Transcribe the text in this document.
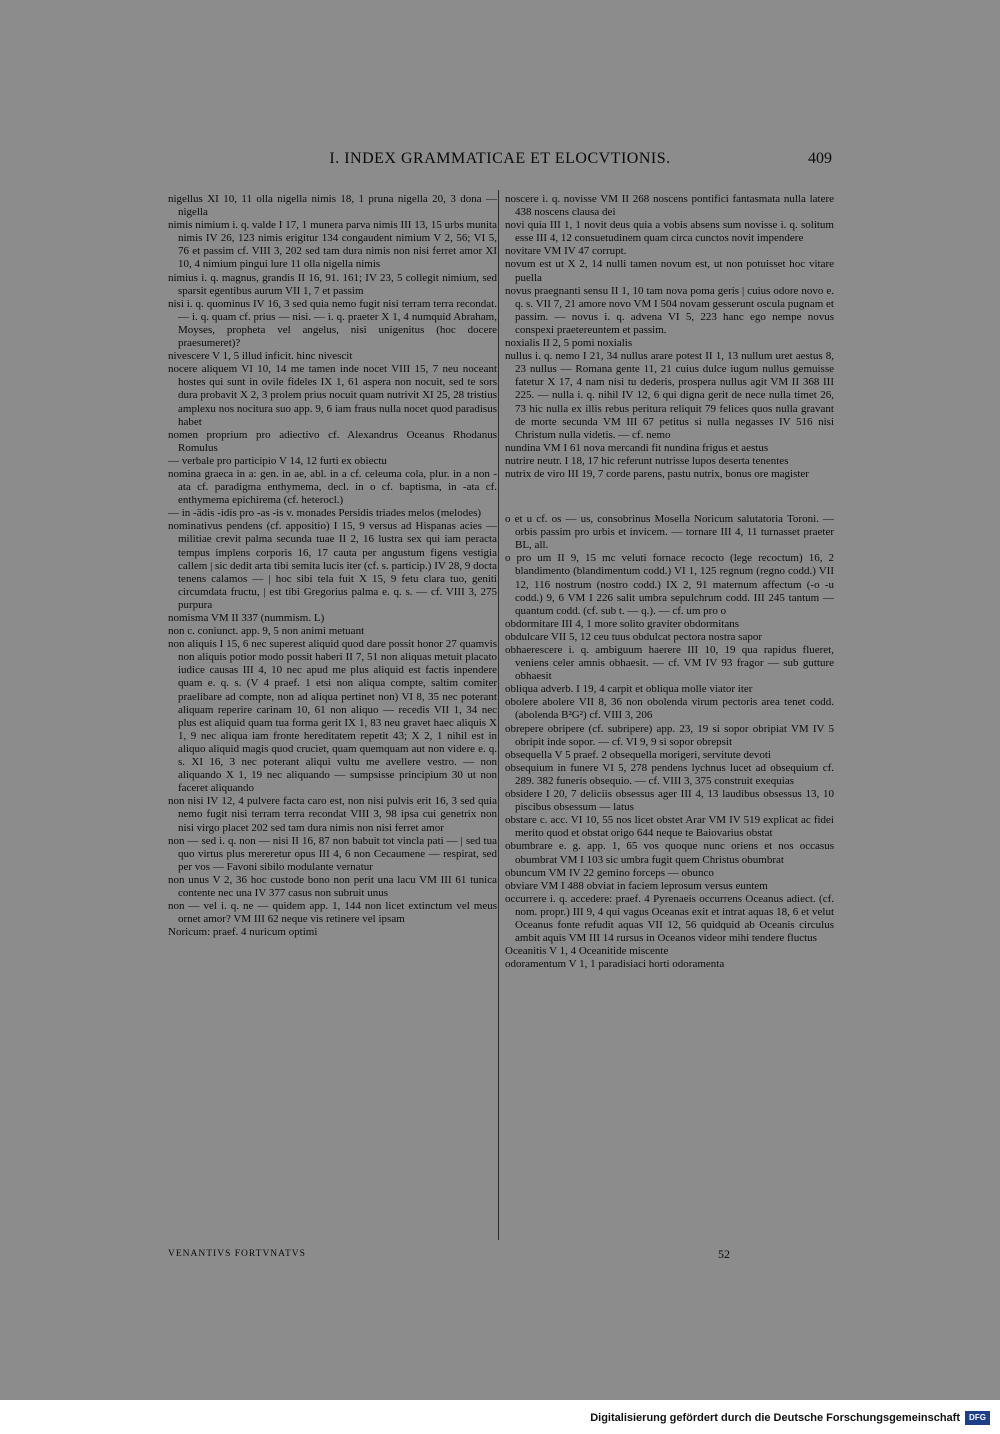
I. INDEX GRAMMATICAE ET ELOCVTIONIS.	409
nigellus XI 10, 11 olla nigella nimis 18, 1 pruna nigella 20, 3 dona — nigella
nimis nimium i. q. valde I 17, 1 munera parva nimis III 13, 15 urbs munita nimis IV 26, 123 nimis erigitur 134 congaudent nimium V 2, 56; VI 5, 76 et passim cf. VIII 3, 202 sed tam dura nimis non nisi ferret amor XI 10, 4 nimium pingui lure 11 olla nigella nimis
nimius i. q. magnus, grandis II 16, 91. 161; IV 23, 5 collegit nimium, sed sparsit egentibus aurum VII 1, 7 et passim
nisi i. q. quominus IV 16, 3 sed quia nemo fugit nisi terram terra recondat. — i. q. quam cf. prius — nisi. — i. q. praeter X 1, 4 numquid Abraham, Moyses, propheta vel angelus, nisi unigenitus (hoc docere praesumeret)?
nivescere V 1, 5 illud inficit. hinc nivescit
nocere aliquem VI 10, 14 me tamen inde nocet VIII 15, 7 neu noceant hostes qui sunt in ovile fideles IX 1, 61 aspera non nocuit, sed te sors dura probavit X 2, 3 prolem prius nocuit quam nutrivit XI 25, 28 tristius amplexu nos nocitura suo app. 9, 6 iam fraus nulla nocet quod paradisus habet
nomen proprium pro adiectivo cf. Alexandrus Oceanus Rhodanus Romulus
— verbale pro participio V 14, 12 furti ex obiectu
nomina graeca in a: gen. in ae, abl. in a cf. celeuma cola, plur. in a non -ata cf. paradigma enthymema, decl. in o cf. baptisma, in -ata cf. enthymema epichirema (cf. heterocl.)
— in -ädis -idis pro -as -is v. monades Persidis triades melos (melodes)
nominativus pendens (cf. appositio) I 15, 9 versus ad Hispanas acies — militiae crevit palma secunda tuae II 2, 16 lustra sex qui iam peracta tempus implens corporis 16, 17 cauta per angustum figens vestigia callem | sic dedit arta tibi semita lucis iter (cf. s. particip.) IV 28, 9 docta tenens calamos — | hoc sibi tela fuit X 15, 9 fetu clara tuo, geniti circumdata fructu, | est tibi Gregorius palma e. q. s. — cf. VIII 3, 275 purpura
nomisma VM II 337 (nummism. L)
non c. coniunct. app. 9, 5 non animi metuant
non aliquis I 15, 6 nec superest aliquid quod dare possit honor 27 quamvis non aliquis potior modo possit haberi II 7, 51 non aliquas metuit placato iudice causas III 4, 10 nec apud me plus aliquid est factis inpendere quam e. q. s. (V 4 praef. 1 etsi non aliqua compte, saltim comiter praelibare ad compte, non ad aliqua pertinet non) VI 8, 35 nec poterant aliquam reperire carinam 10, 61 non aliquo — recedis VII 1, 34 nec plus est aliquid quam tua forma gerit IX 1, 83 neu gravet haec aliquis X 1, 9 nec aliqua iam fronte hereditatem repetit 43; X 2, 1 nihil est in aliquo aliquid magis quod cruciet, quam quemquam aut non videre e. q. s. XI 16, 3 nec poterant aliqui vultu me avellere vestro. — non aliquando X 1, 19 nec aliquando — sumpsisse principium 30 ut non faceret aliquando
non nisi IV 12, 4 pulvere facta caro est, non nisi pulvis erit 16, 3 sed quia nemo fugit nisi terram terra recondat VIII 3, 98 ipsa cui genetrix non nisi virgo placet 202 sed tam dura nimis non nisi ferret amor
non — sed i. q. non — nisi II 16, 87 non babuit tot vincla pati — | sed tua quo virtus plus mereretur opus III 4, 6 non Cecaumene — respirat, sed per vos — Favoni sibilo modulante vernatur
non unus V 2, 36 hoc custode bono non perit una lacu VM III 61 tunica contente nec una IV 377 casus non subruit unus
non — vel i. q. ne — quidem app. 1, 144 non licet extinctum vel meus ornet amor? VM III 62 neque vis retinere vel ipsam
Noricum: praef. 4 nuricum optimi
noscere i. q. novisse VM II 268 noscens pontifici fantasmata nulla latere 438 noscens clausa dei
novi quia III 1, 1 novit deus quia a vobis absens sum novisse i. q. solitum esse III 4, 12 consuetudinem quam circa cunctos novit impendere
novitare VM IV 47 corrupt.
novum est ut X 2, 14 nulli tamen novum est, ut non potuisset hoc vitare puella
novus praegnanti sensu II 1, 10 tam nova poma geris | cuius odore novo e. q. s. VII 7, 21 amore novo VM I 504 novam gesserunt oscula pugnam et passim. — novus i. q. advena VI 5, 223 hanc ego nempe novus conspexi praetereuntem et passim.
noxialis II 2, 5 pomi noxialis
nullus i. q. nemo I 21, 34 nullus arare potest II 1, 13 nullum uret aestus 8, 23 nullus — Romana gente 11, 21 cuius dulce iugum nullus gemuisse fatetur X 17, 4 nam nisi tu dederis, prospera nullus agit VM II 368 III 225. — nulla i. q. nihil IV 12, 6 qui digna gerit de nece nulla timet 26, 73 hic nulla ex illis rebus peritura reliquit 79 felices quos nulla gravant de morte secunda VM III 67 petitus si nulla negasses IV 516 nisi Christum nulla videtis. — cf. nemo
nundina VM I 61 nova mercandi fit nundina frigus et aestus
nutrire neutr. I 18, 17 hic referunt nutrisse lupos deserta tenentes
nutrix de viro III 19, 7 corde parens, pastu nutrix, bonus ore magister
o et u cf. os — us, consobrinus Mosella Noricum salutatoria Toroni. — orbis passim pro urbis et invicem. — tornare III 4, 11 turnasset praeter BL, all.
o pro um II 9, 15 mc veluti fornace recocto (lege recoctum) 16, 2 blandimento (blandimentum codd.) VI 1, 125 regnum (regno codd.) VII 12, 116 nostrum (nostro codd.) IX 2, 91 maternum affectum (-o -u codd.) 9, 6 VM I 226 salit umbra sepulchrum codd. III 245 tantum — quantum codd. (cf. sub t. — q.). — cf. um pro o
obdormitare III 4, 1 more solito graviter obdormitans
obdulcare VII 5, 12 ceu tuus obdulcat pectora nostra sapor
obhaerescere i. q. ambiguum haerere III 10, 19 qua rapidus flueret, veniens celer amnis obhaesit. — cf. VM IV 93 fragor — sub gutture obhaesit
obliqua adverb. I 19, 4 carpit et obliqua molle viator iter
obolere abolere VII 8, 36 non obolenda virum pectoris area tenet codd. (abolenda B²G²) cf. VIII 3, 206
obrepere obripere (cf. subripere) app. 23, 19 si sopor obripiat VM IV 5 obripit inde sopor. — cf. VI 9, 9 si sopor obrepsit
obsequella V 5 praef. 2 obsequella morigeri, servitute devoti
obsequium in funere VI 5, 278 pendens lychnus lucet ad obsequium cf. 289. 382 funeris obsequio. — cf. VIII 3, 375 construit exequias
obsidere I 20, 7 deliciis obsessus ager III 4, 13 laudibus obsessus 13, 10 piscibus obsessum — latus
obstare c. acc. VI 10, 55 nos licet obstet Arar VM IV 519 explicat ac fidei merito quod et obstat origo 644 neque te Baiovarius obstat
obumbrare e. g. app. 1, 65 vos quoque nunc oriens et nos occasus obumbrat VM I 103 sic umbra fugit quem Christus obumbrat
obuncum VM IV 22 gemino forceps — obunco
obviare VM I 488 obviat in faciem leprosum versus euntem
occurrere i. q. accedere: praef. 4 Pyrenaeis occurrens Oceanus adiect. (cf. nom. propr.) III 9, 4 qui vagus Oceanas exit et intrat aquas 18, 6 et velut Oceanus fonte refudit aquas VII 12, 56 quidquid ab Oceanis circulus ambit aquis VM III 14 rursus in Oceanos videor mihi tendere fluctus
Oceanitis V 1, 4 Oceanitide miscente
odoramentum V 1, 1 paradisiaci horti odoramenta
VENANTIVS FORTVNATVS	52
Digitalisierung gefördert durch die Deutsche Forschungsgemeinschaft	DFG
